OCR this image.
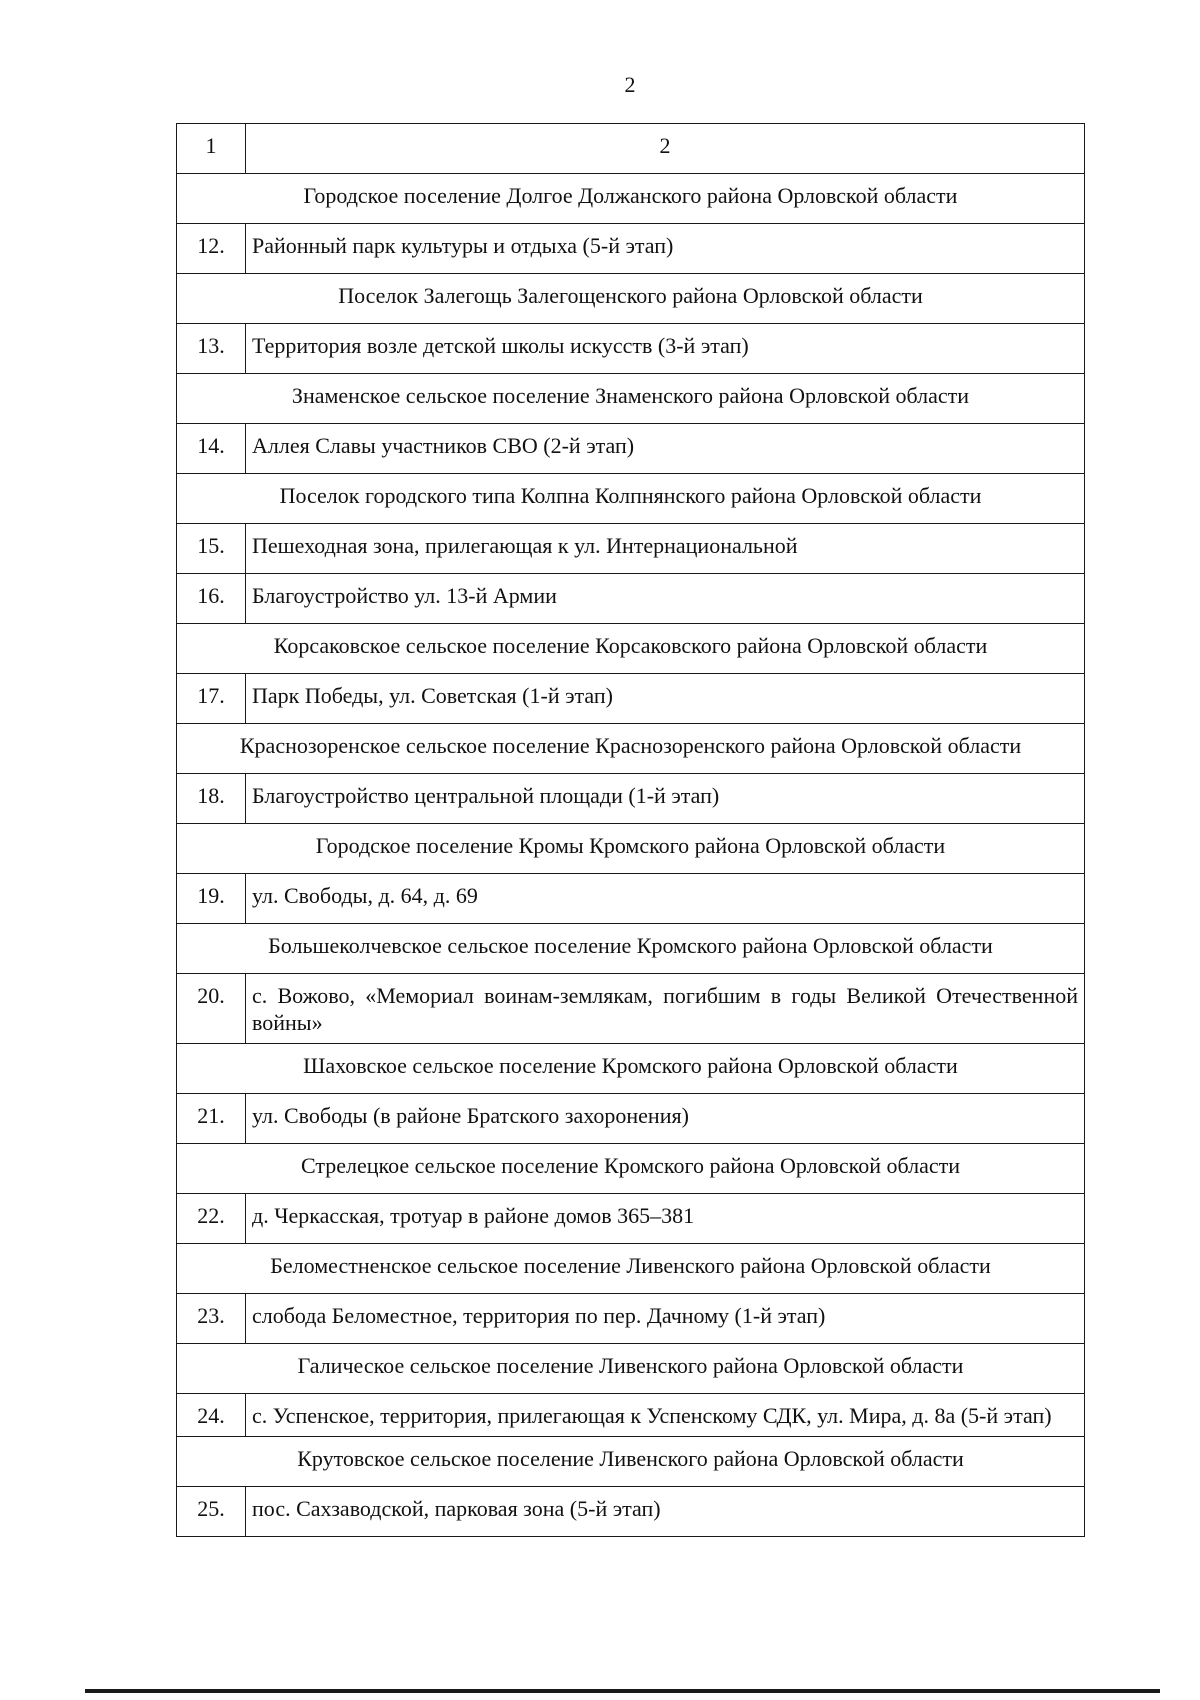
2
1	2
Городское поселение Долгое Должанского района Орловской области	
12.	Районный парк культуры и отдыха (5-й этап)
Поселок Залегощь Залегощенского района Орловской области	
13.	Территория возле детской школы искусств (3-й этап)
Знаменское сельское поселение Знаменского района Орловской области	
14.	Аллея Славы участников СВО (2-й этап)
Поселок городского типа Колпна Колпнянского района Орловской области	
15.	Пешеходная зона, прилегающая к ул. Интернациональной
16.	Благоустройство ул. 13-й Армии
Корсаковское сельское поселение Корсаковского района Орловской области	
17.	Парк Победы, ул. Советская (1-й этап)
Краснозоренское сельское поселение Краснозоренского района Орловской области	
18.	Благоустройство центральной площади (1-й этап)
Городское поселение Кромы Кромского района Орловской области	
19.	ул. Свободы, д. 64, д. 69
Большеколчевское сельское поселение Кромского района Орловской области	
20.	с. Вожово, «Мемориал воинам-землякам, погибшим в годы Великой Отечественной войны»
Шаховское сельское поселение Кромского района Орловской области	
21.	ул. Свободы (в районе Братского захоронения)
Стрелецкое сельское поселение Кромского района Орловской области	
22.	д. Черкасская, тротуар в районе домов 365–381
Беломестненское сельское поселение Ливенского района Орловской области	
23.	слобода Беломестное, территория по пер. Дачному (1-й этап)
Галическое сельское поселение Ливенского района Орловской области	
24.	с. Успенское, территория, прилегающая к Успенскому СДК, ул. Мира, д. 8а (5-й этап)
Крутовское сельское поселение Ливенского района Орловской области	
25.	пос. Сахзаводской, парковая зона (5-й этап)
